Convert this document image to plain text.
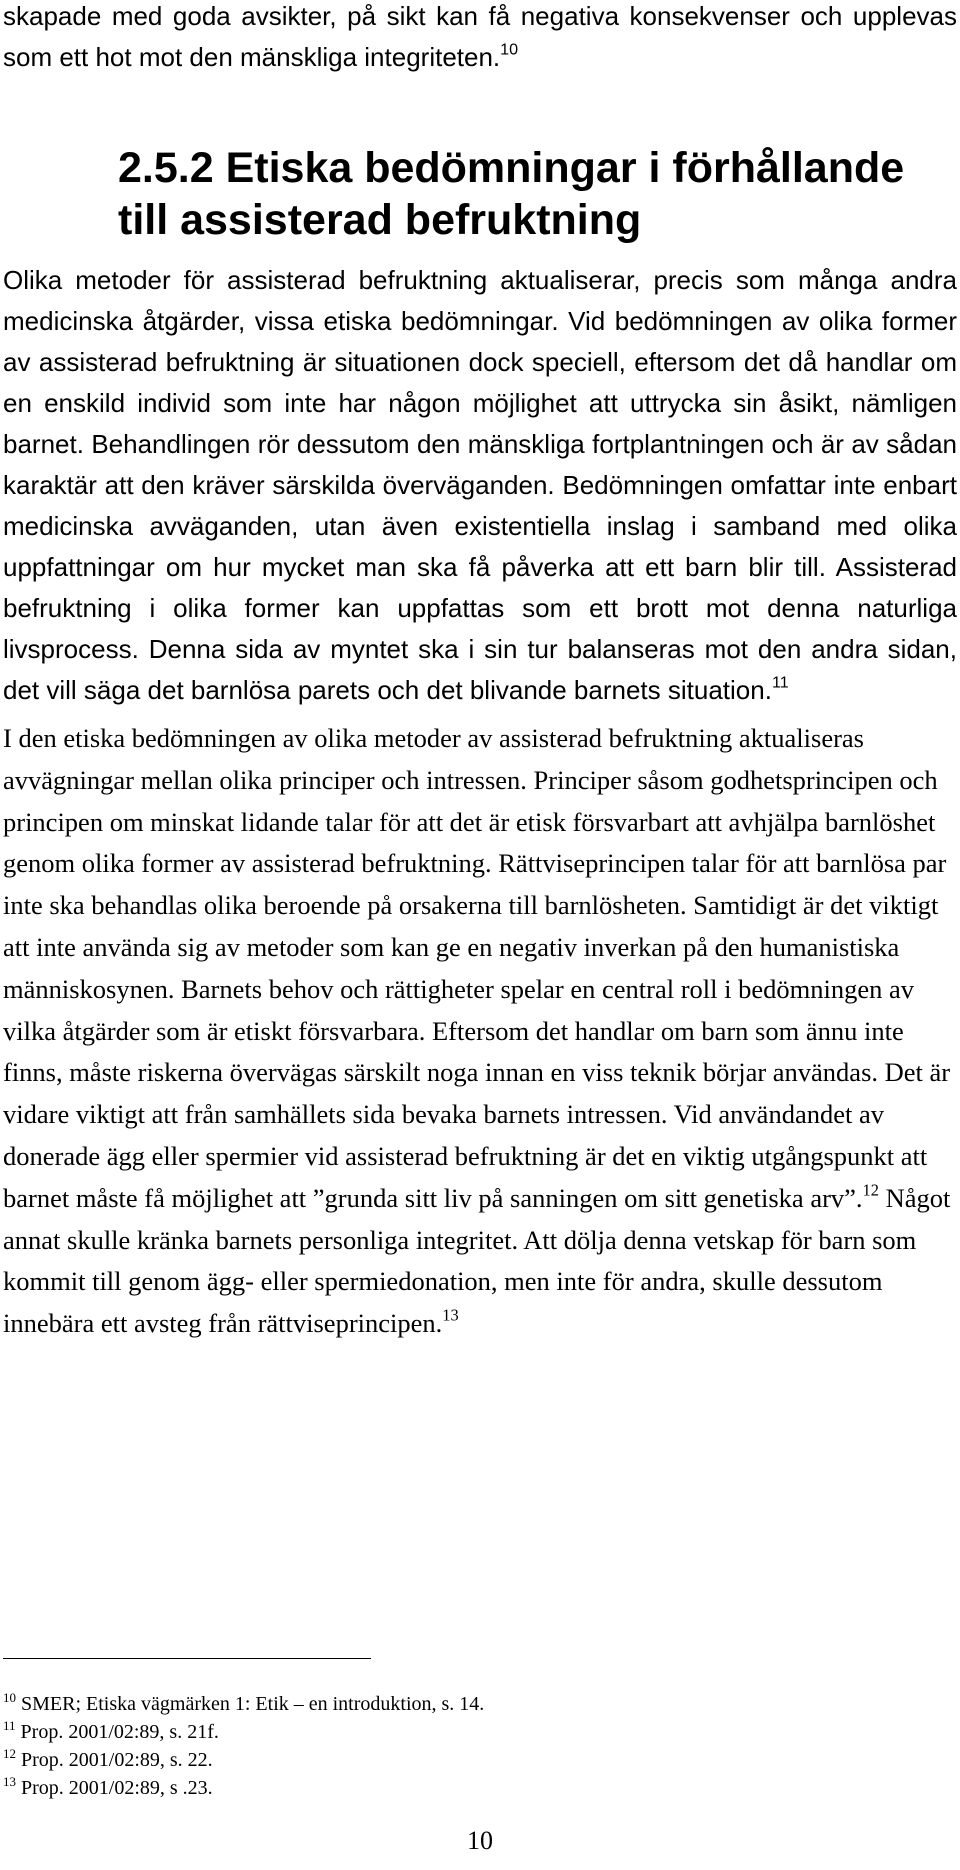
skapade med goda avsikter, på sikt kan få negativa konsekvenser och upplevas som ett hot mot den mänskliga integriteten.$^{10}$

2.5.2 Etiska bedömningar i förhållande till assisterad befruktning

Olika metoder för assisterad befruktning aktualiserar, precis som många andra medicinska åtgärder, vissa etiska bedömningar. Vid bedömningen av olika former av assisterad befruktning är situationen dock speciell, eftersom det då handlar om en enskild individ som inte har någon möjlighet att uttrycka sin åsikt, nämligen barnet. Behandlingen rör dessutom den mänskliga fortplantningen och är av sådan karaktär att den kräver särskilda överväganden. Bedömningen omfattar inte enbart medicinska avväganden, utan även existentiella inslag i samband med olika uppfattningar om hur mycket man ska få påverka att ett barn blir till. Assisterad befruktning i olika former kan uppfattas som ett brott mot denna naturliga livsprocess. Denna sida av myntet ska i sin tur balanseras mot den andra sidan, det vill säga det barnlösa parets och det blivande barnets situation.$^{11}$

I den etiska bedömningen av olika metoder av assisterad befruktning aktualiseras avvägningar mellan olika principer och intressen. Principer såsom godhetsprincipen och principen om minskat lidande talar för att det är etisk försvarbart att avhjälpa barnlöshet genom olika former av assisterad befruktning. Rättviseprincipen talar för att barnlösa par inte ska behandlas olika beroende på orsakerna till barnlösheten. Samtidigt är det viktigt att inte använda sig av metoder som kan ge en negativ inverkan på den humanistiska människosynen. Barnets behov och rättigheter spelar en central roll i bedömningen av vilka åtgärder som är etiskt försvarbara. Eftersom det handlar om barn som ännu inte finns, måste riskerna övervägas särskilt noga innan en viss teknik börjar användas. Det är vidare viktigt att från samhällets sida bevaka barnets intressen. Vid användandet av donerade ägg eller spermier vid assisterad befruktning är det en viktig utgångspunkt att barnet måste få möjlighet att ”grunda sitt liv på sanningen om sitt genetiska arv”.$^{12}$ Något annat skulle kränka barnets personliga integritet. Att dölja denna vetskap för barn som kommit till genom ägg- eller spermiedonation, men inte för andra, skulle dessutom innebära ett avsteg från rättviseprincipen.$^{13}$

$^{10}$ SMER; Etiska vägmärken 1: Etik – en introduktion, s. 14.
$^{11}$ Prop. 2001/02:89, s. 21f.
$^{12}$ Prop. 2001/02:89, s. 22.
$^{13}$ Prop. 2001/02:89, s .23.
10
